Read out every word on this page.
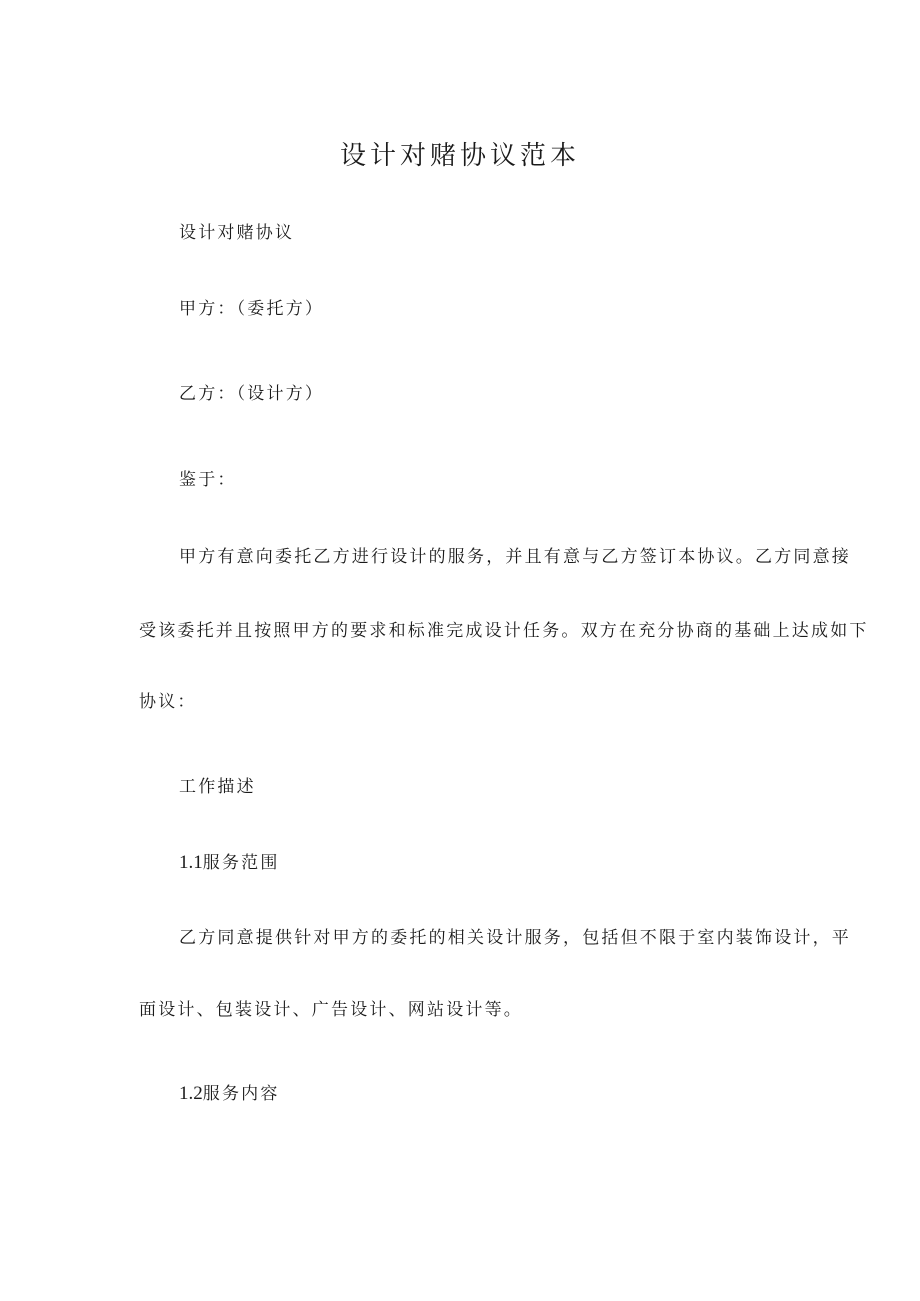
设计对赌协议范本
设计对赌协议
甲方：（委托方）
乙方：（设计方）
鉴于：
甲方有意向委托乙方进行设计的服务，并且有意与乙方签订本协议。乙方同意接
受该委托并且按照甲方的要求和标准完成设计任务。双方在充分协商的基础上达成如下
协议：
工作描述
1.1服务范围
乙方同意提供针对甲方的委托的相关设计服务，包括但不限于室内装饰设计，平
面设计、包装设计、广告设计、网站设计等。
1.2服务内容
